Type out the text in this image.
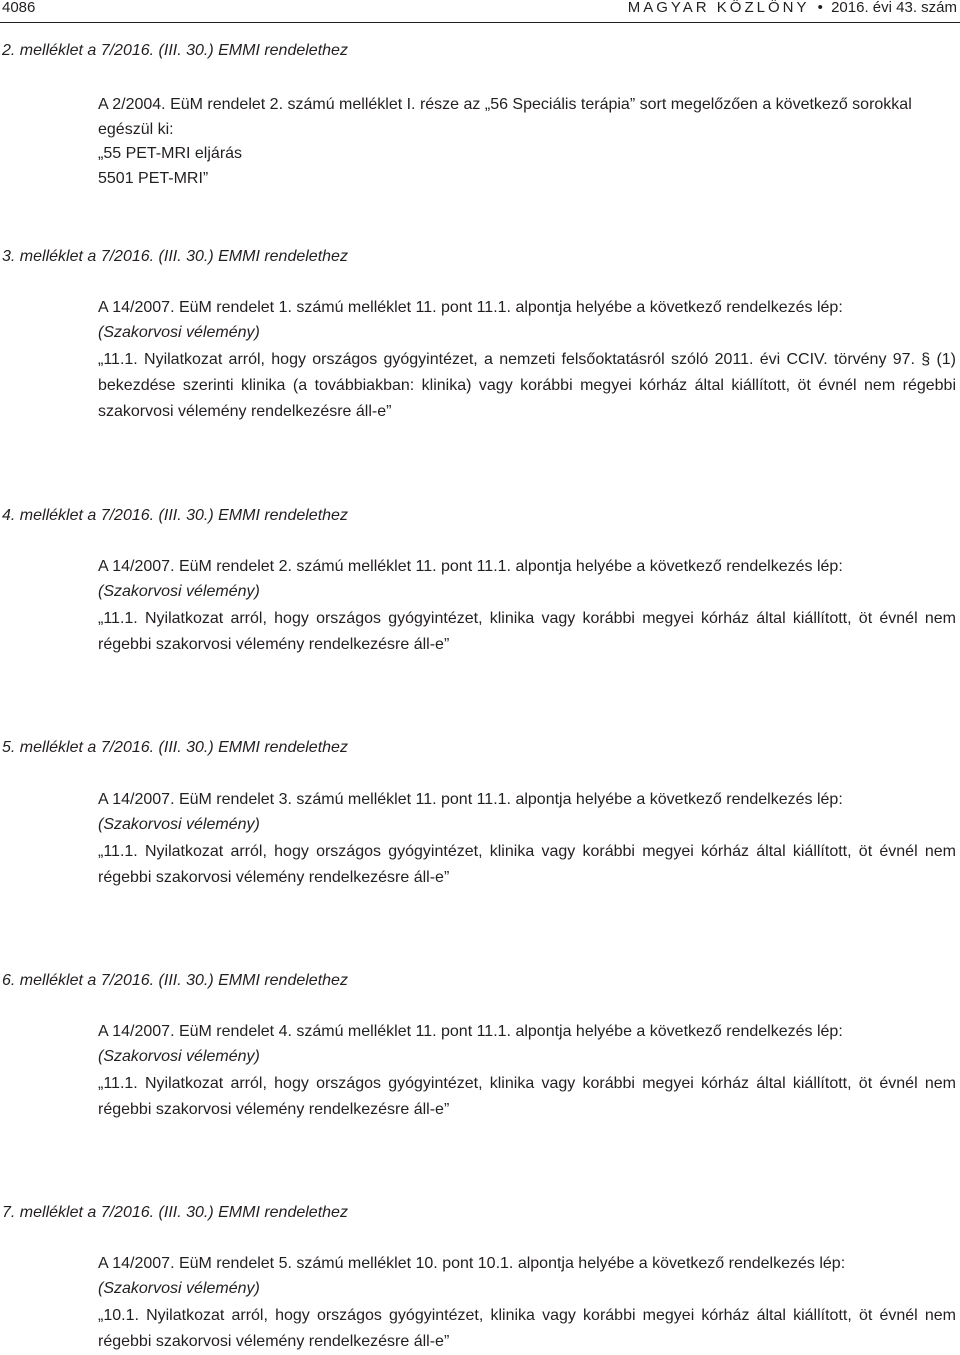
4086	MAGYAR KÖZLÖNY • 2016. évi 43. szám
2. melléklet a 7/2016. (III. 30.) EMMI rendelethez
A 2/2004. EüM rendelet 2. számú melléklet I. része az „56 Speciális terápia” sort megelőzően a következő sorokkal egészül ki:
„55 PET-MRI eljárás
5501 PET-MRI”
3. melléklet a 7/2016. (III. 30.) EMMI rendelethez
A 14/2007. EüM rendelet 1. számú melléklet 11. pont 11.1. alpontja helyébe a következő rendelkezés lép:
(Szakorvosi vélemény)
„11.1. Nyilatkozat arról, hogy országos gyógyintézet, a nemzeti felsőoktatásról szóló 2011. évi CCIV. törvény 97. § (1) bekezdése szerinti klinika (a továbbiakban: klinika) vagy korábbi megyei kórház által kiállított, öt évnél nem régebbi szakorvosi vélemény rendelkezésre áll-e”
4. melléklet a 7/2016. (III. 30.) EMMI rendelethez
A 14/2007. EüM rendelet 2. számú melléklet 11. pont 11.1. alpontja helyébe a következő rendelkezés lép:
(Szakorvosi vélemény)
„11.1. Nyilatkozat arról, hogy országos gyógyintézet, klinika vagy korábbi megyei kórház által kiállított, öt évnél nem régebbi szakorvosi vélemény rendelkezésre áll-e”
5. melléklet a 7/2016. (III. 30.) EMMI rendelethez
A 14/2007. EüM rendelet 3. számú melléklet 11. pont 11.1. alpontja helyébe a következő rendelkezés lép:
(Szakorvosi vélemény)
„11.1. Nyilatkozat arról, hogy országos gyógyintézet, klinika vagy korábbi megyei kórház által kiállított, öt évnél nem régebbi szakorvosi vélemény rendelkezésre áll-e”
6. melléklet a 7/2016. (III. 30.) EMMI rendelethez
A 14/2007. EüM rendelet 4. számú melléklet 11. pont 11.1. alpontja helyébe a következő rendelkezés lép:
(Szakorvosi vélemény)
„11.1. Nyilatkozat arról, hogy országos gyógyintézet, klinika vagy korábbi megyei kórház által kiállított, öt évnél nem régebbi szakorvosi vélemény rendelkezésre áll-e”
7. melléklet a 7/2016. (III. 30.) EMMI rendelethez
A 14/2007. EüM rendelet 5. számú melléklet 10. pont 10.1. alpontja helyébe a következő rendelkezés lép:
(Szakorvosi vélemény)
„10.1. Nyilatkozat arról, hogy országos gyógyintézet, klinika vagy korábbi megyei kórház által kiállított, öt évnél nem régebbi szakorvosi vélemény rendelkezésre áll-e”
